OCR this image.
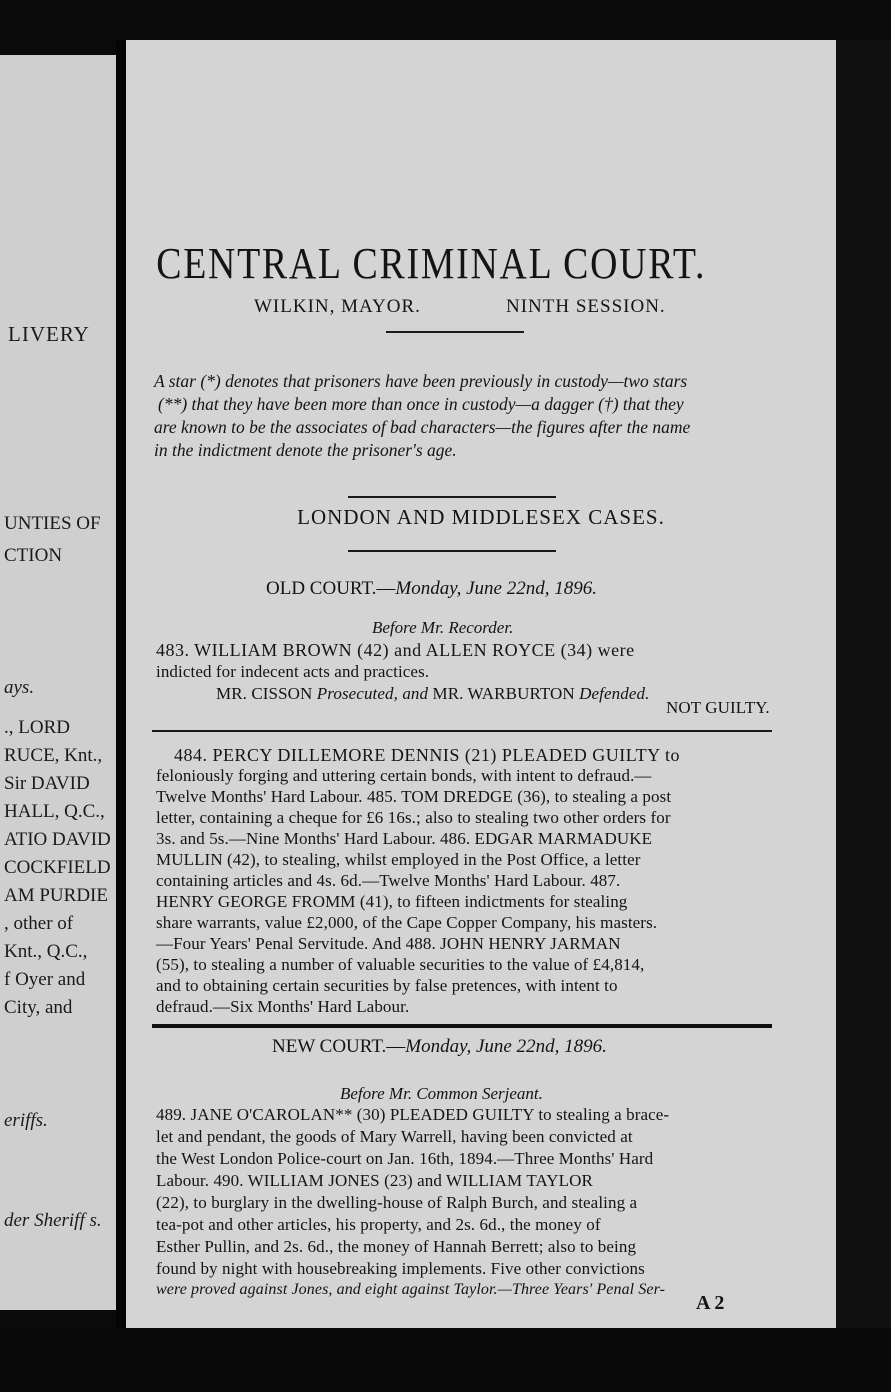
LIVERY
UNTIES OF
CTION
ays.
., LORD
RUCE, Knt.,
Sir DAVID
HALL, Q.C.,
ATIO DAVID
COCKFIELD
AM PURDIE
, other of
Knt., Q.C.,
f Oyer and
City, and
eriffs.
der Sheriff s.
CENTRAL CRIMINAL COURT.
WILKIN, MAYOR.	NINTH SESSION.
A star (*) denotes that prisoners have been previously in custody—two stars
(**) that they have been more than once in custody—a dagger (†) that they
are known to be the associates of bad characters—the figures after the name
in the indictment denote the prisoner's age.
LONDON AND MIDDLESEX CASES.
OLD COURT.—Monday, June 22nd, 1896.
Before Mr. Recorder.
483. WILLIAM BROWN (42) and ALLEN ROYCE (34) were
indicted for indecent acts and practices.
MR. CISSON Prosecuted, and MR. WARBURTON Defended.
NOT GUILTY.
484. PERCY DILLEMORE DENNIS (21) PLEADED GUILTY to
feloniously forging and uttering certain bonds, with intent to defraud.—
Twelve Months' Hard Labour. 485. TOM DREDGE (36), to stealing a post
letter, containing a cheque for £6 16s.; also to stealing two other orders for
3s. and 5s.—Nine Months' Hard Labour. 486. EDGAR MARMADUKE
MULLIN (42), to stealing, whilst employed in the Post Office, a letter
containing articles and 4s. 6d.—Twelve Months' Hard Labour. 487.
HENRY GEORGE FROMM (41), to fifteen indictments for stealing
share warrants, value £2,000, of the Cape Copper Company, his masters.
—Four Years' Penal Servitude. And 488. JOHN HENRY JARMAN
(55), to stealing a number of valuable securities to the value of £4,814,
and to obtaining certain securities by false pretences, with intent to
defraud.—Six Months' Hard Labour.
NEW COURT.—Monday, June 22nd, 1896.
Before Mr. Common Serjeant.
489. JANE O'CAROLAN** (30) PLEADED GUILTY to stealing a brace-
let and pendant, the goods of Mary Warrell, having been convicted at
the West London Police-court on Jan. 16th, 1894.—Three Months' Hard
Labour. 490. WILLIAM JONES (23) and WILLIAM TAYLOR
(22), to burglary in the dwelling-house of Ralph Burch, and stealing a
tea-pot and other articles, his property, and 2s. 6d., the money of
Esther Pullin, and 2s. 6d., the money of Hannah Berrett; also to being
found by night with housebreaking implements. Five other convictions
were proved against Jones, and eight against Taylor.—Three Years' Penal Ser-
A 2
